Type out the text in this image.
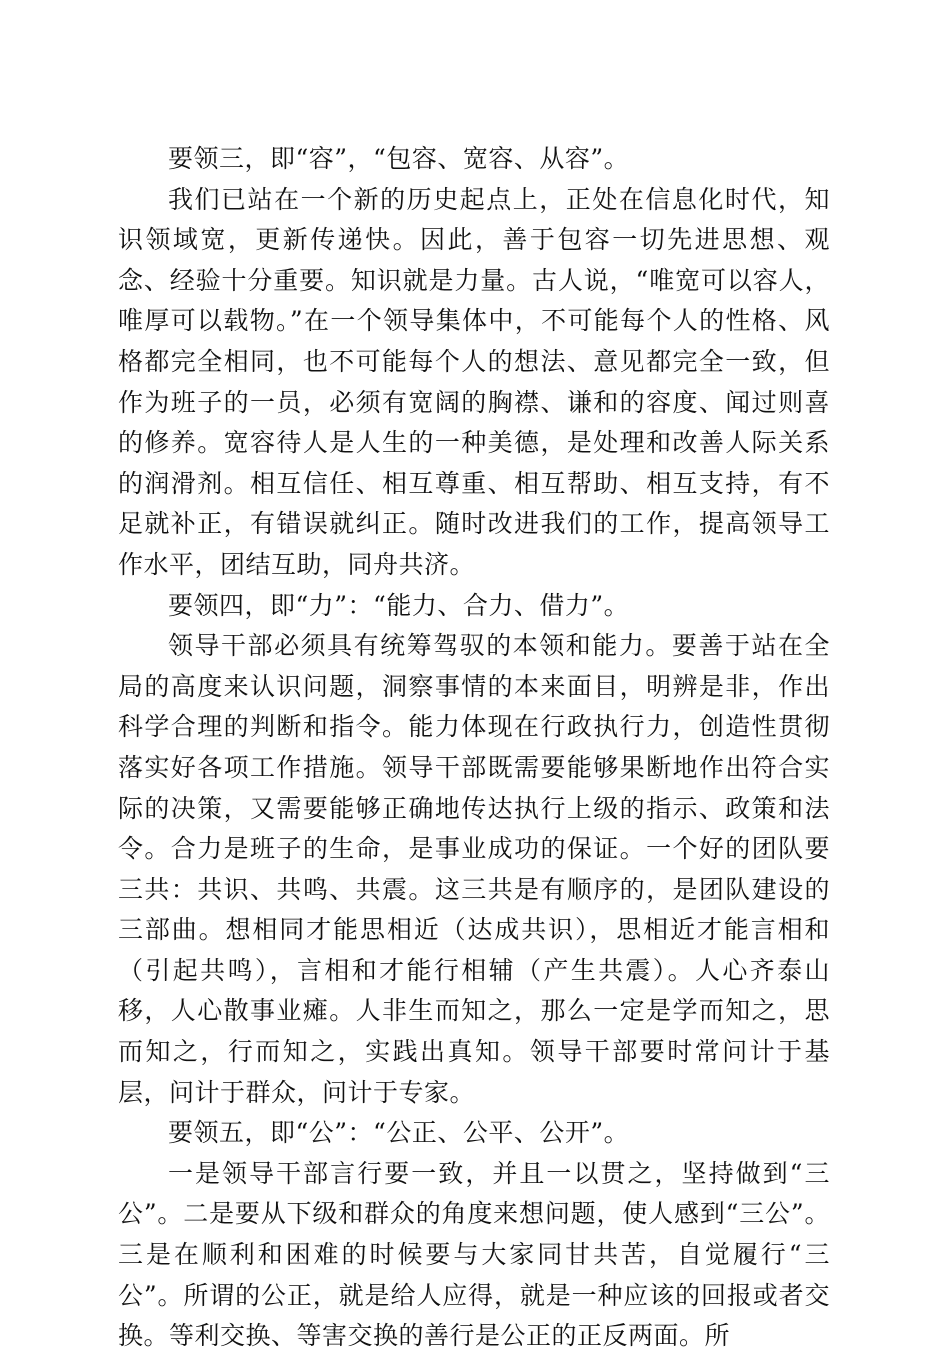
要领三，即“容”，“包容、宽容、从容”。

我们已站在一个新的历史起点上，正处在信息化时代，知识领域宽，更新传递快。因此，善于包容一切先进思想、观念、经验十分重要。知识就是力量。古人说，“唯宽可以容人，唯厚可以载物。”在一个领导集体中，不可能每个人的性格、风格都完全相同，也不可能每个人的想法、意见都完全一致，但作为班子的一员，必须有宽阔的胸襟、谦和的容度、闻过则喜的修养。宽容待人是人生的一种美德，是处理和改善人际关系的润滑剂。相互信任、相互尊重、相互帮助、相互支持，有不足就补正，有错误就纠正。随时改进我们的工作，提高领导工作水平，团结互助，同舟共济。

要领四，即“力”：“能力、合力、借力”。

领导干部必须具有统筹驾驭的本领和能力。要善于站在全局的高度来认识问题，洞察事情的本来面目，明辨是非，作出科学合理的判断和指令。能力体现在行政执行力，创造性贯彻落实好各项工作措施。领导干部既需要能够果断地作出符合实际的决策，又需要能够正确地传达执行上级的指示、政策和法令。合力是班子的生命，是事业成功的保证。一个好的团队要三共：共识、共鸣、共震。这三共是有顺序的，是团队建设的三部曲。想相同才能思相近（达成共识），思相近才能言相和（引起共鸣），言相和才能行相辅（产生共震）。人心齐泰山移，人心散事业瘫。人非生而知之，那么一定是学而知之，思而知之，行而知之，实践出真知。领导干部要时常问计于基层，问计于群众，问计于专家。

要领五，即“公”：“公正、公平、公开”。

一是领导干部言行要一致，并且一以贯之，坚持做到“三公”。二是要从下级和群众的角度来想问题，使人感到“三公”。三是在顺利和困难的时候要与大家同甘共苦，自觉履行“三公”。所谓的公正，就是给人应得，就是一种应该的回报或者交换。等利交换、等害交换的善行是公正的正反两面。所
